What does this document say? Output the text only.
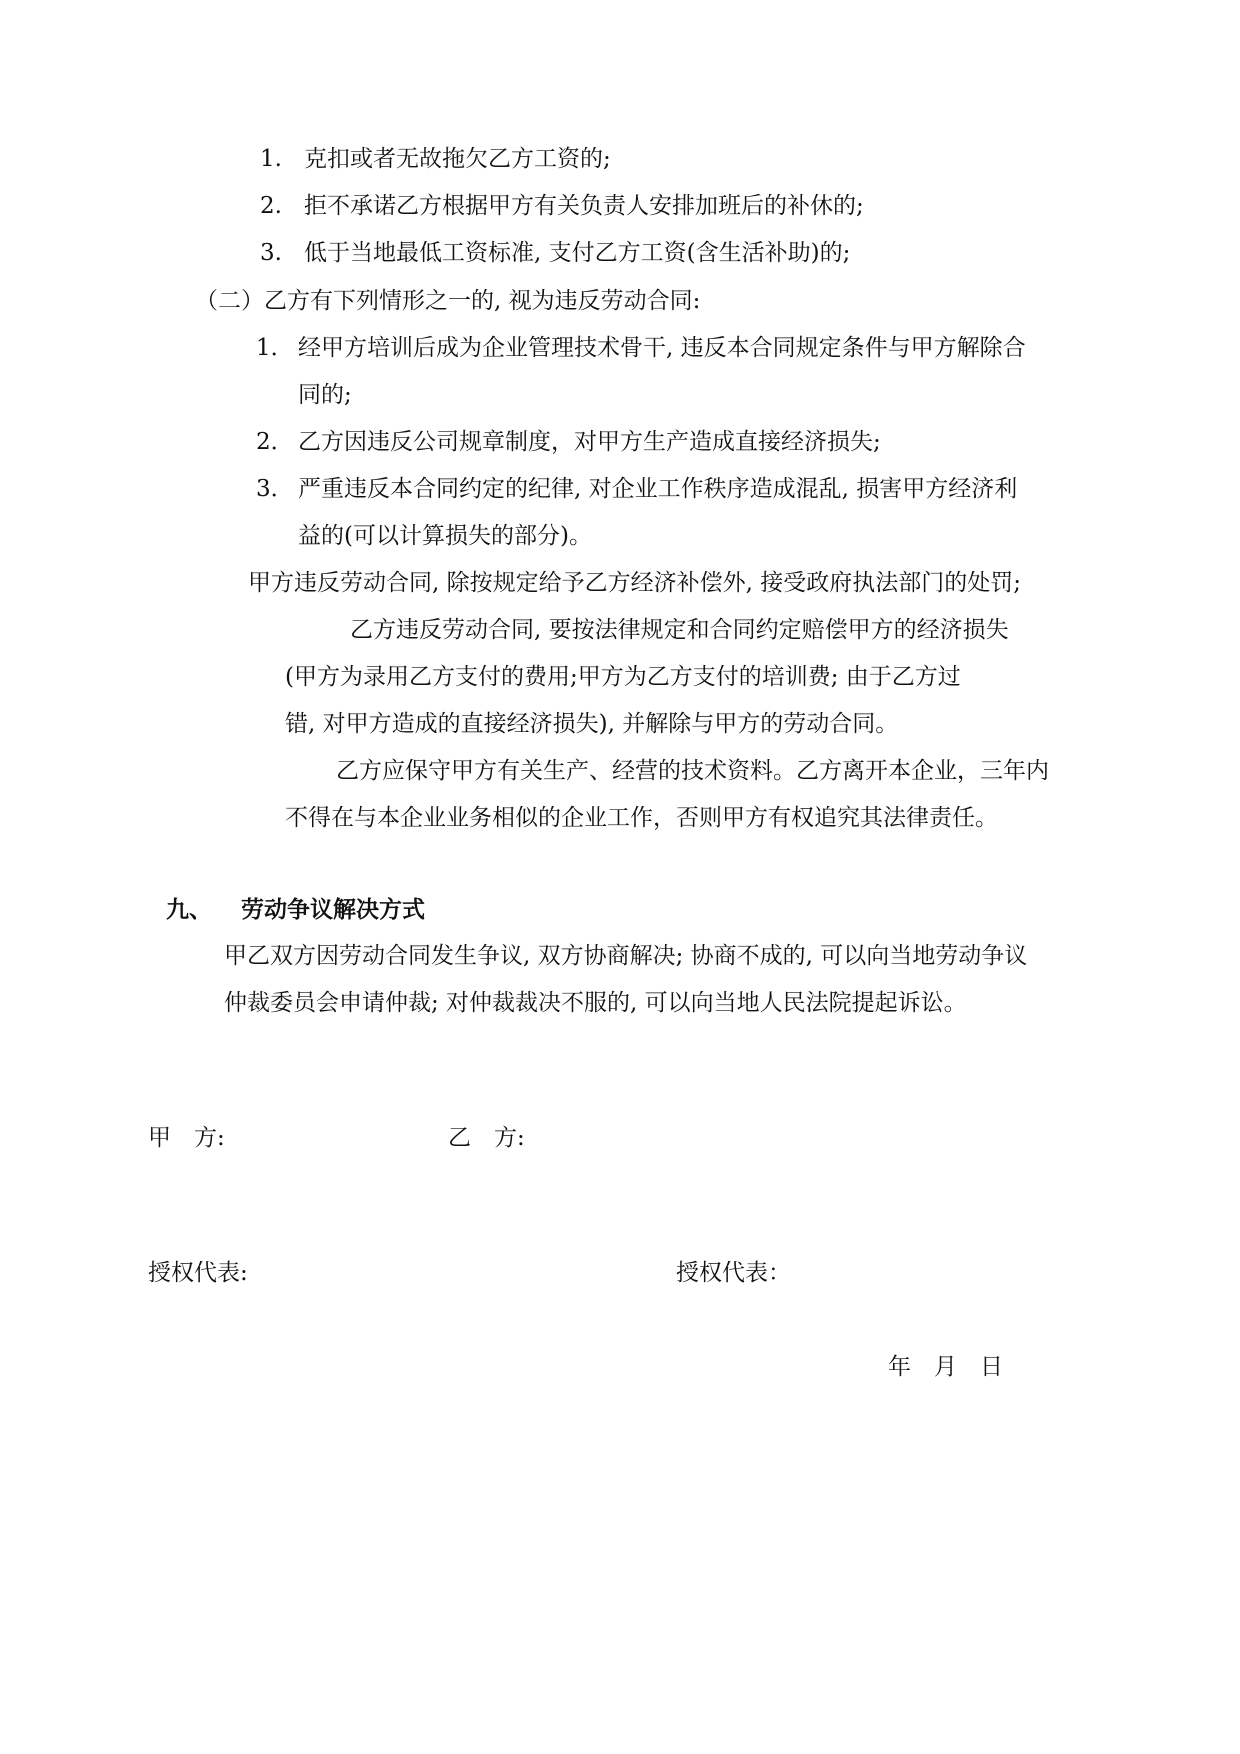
1. 克扣或者无故拖欠乙方工资的;
2. 拒不承诺乙方根据甲方有关负责人安排加班后的补休的;
3. 低于当地最低工资标准, 支付乙方工资(含生活补助)的;
（二）乙方有下列情形之一的, 视为违反劳动合同:
1． 经甲方培训后成为企业管理技术骨干, 违反本合同规定条件与甲方解除合
同的;
2． 乙方因违反公司规章制度，对甲方生产造成直接经济损失;
3． 严重违反本合同约定的纪律, 对企业工作秩序造成混乱, 损害甲方经济利
益的(可以计算损失的部分)。
甲方违反劳动合同, 除按规定给予乙方经济补偿外, 接受政府执法部门的处罚;
乙方违反劳动合同, 要按法律规定和合同约定赔偿甲方的经济损失
(甲方为录用乙方支付的费用;甲方为乙方支付的培训费; 由于乙方过
错, 对甲方造成的直接经济损失), 并解除与甲方的劳动合同。
乙方应保守甲方有关生产、经营的技术资料。乙方离开本企业，三年内
不得在与本企业业务相似的企业工作，否则甲方有权追究其法律责任。
九、 劳动争议解决方式
甲乙双方因劳动合同发生争议, 双方协商解决; 协商不成的, 可以向当地劳动争议
仲裁委员会申请仲裁; 对仲裁裁决不服的, 可以向当地人民法院提起诉讼。
甲　方:	乙　方:
授权代表:	授权代表：
年　月　日
